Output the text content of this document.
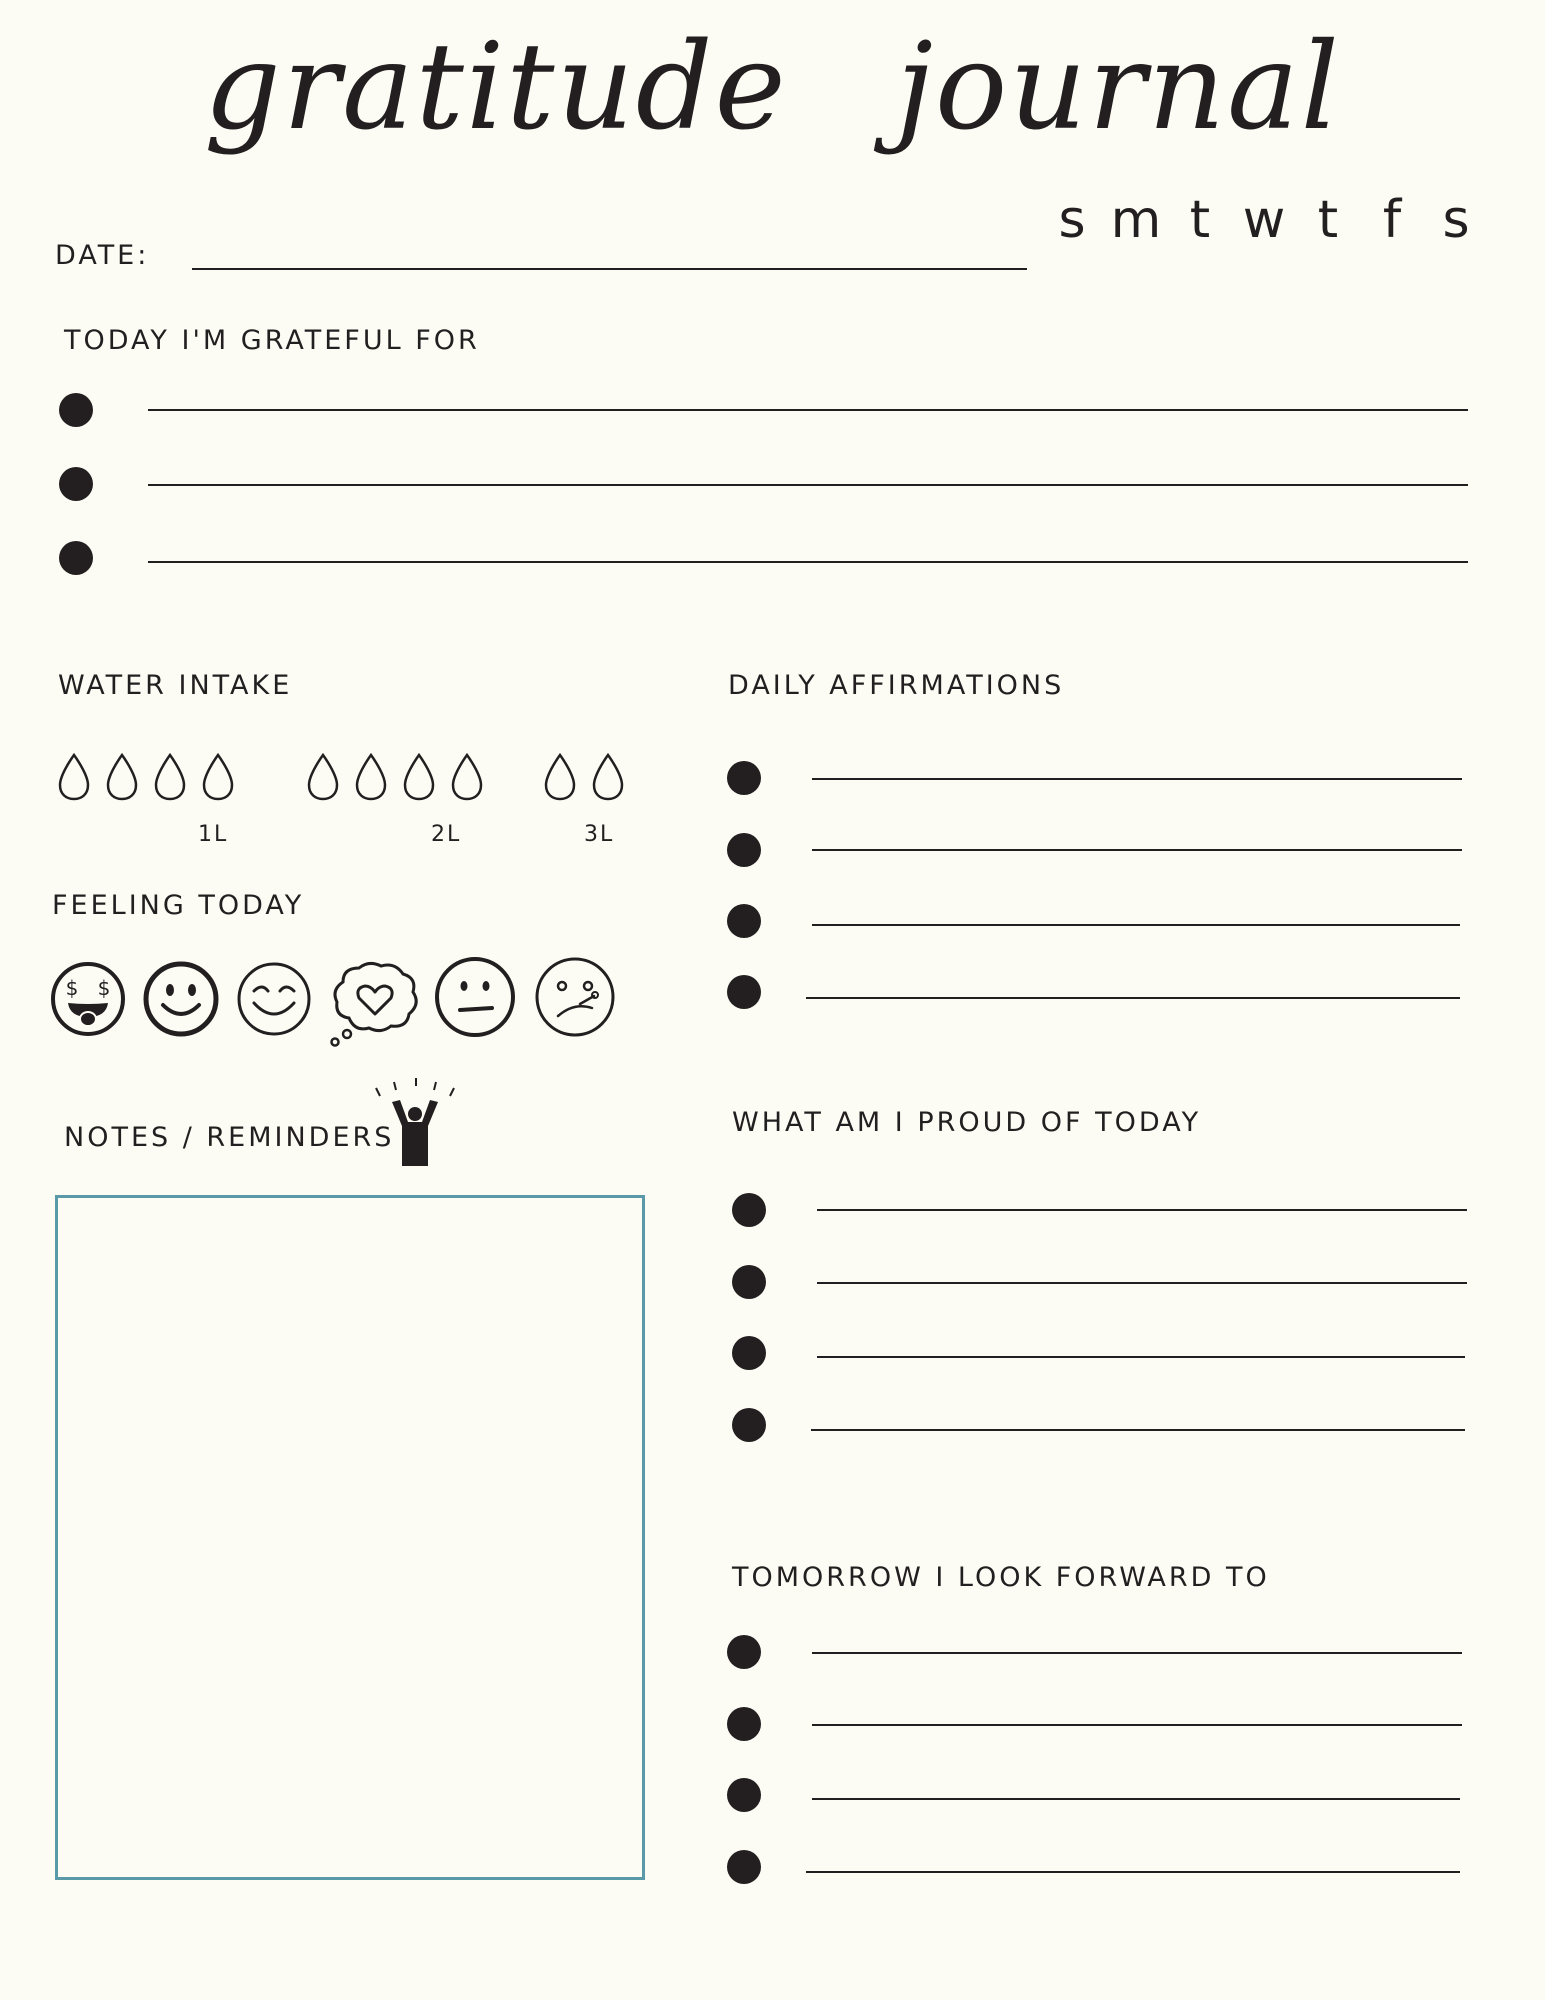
gratitude journal
DATE:
s m t w t f s
TODAY I'M GRATEFUL FOR
WATER INTAKE
1L	2L	3L
FEELING TODAY
$ $
NOTES / REMINDERS
DAILY AFFIRMATIONS
WHAT AM I PROUD OF TODAY
TOMORROW I LOOK FORWARD TO
